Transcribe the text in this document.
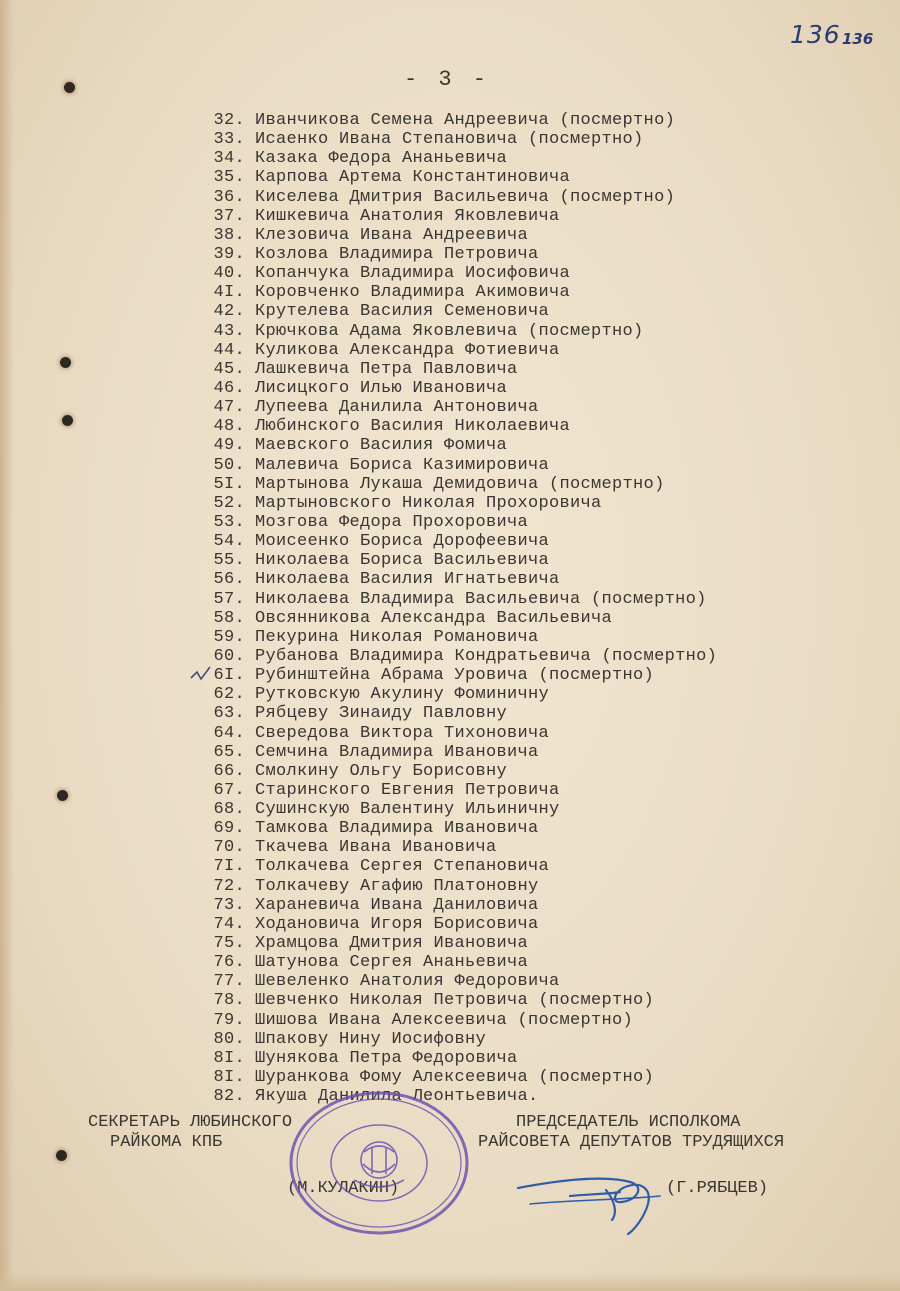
136 136
- 3 -
32. Иванчикова Семена Андреевича (посмертно)
33. Исаенко Ивана Степановича (посмертно)
34. Казака Федора Ананьевича
35. Карпова Артема Константиновича
36. Киселева Дмитрия Васильевича (посмертно)
37. Кишкевича Анатолия Яковлевича
38. Клезовича Ивана Андреевича
39. Козлова Владимира Петровича
40. Копанчука Владимира Иосифовича
4I. Коровченко Владимира Акимовича
42. Крутелева Василия Семеновича
43. Крючкова Адама Яковлевича (посмертно)
44. Куликова Александра Фотиевича
45. Лашкевича Петра Павловича
46. Лисицкого Илью Ивановича
47. Лупеева Данилила Антоновича
48. Любинского Василия Николаевича
49. Маевского Василия Фомича
50. Малевича Бориса Казимировича
5I. Мартынова Лукаша Демидовича (посмертно)
52. Мартыновского Николая Прохоровича
53. Мозгова Федора Прохоровича
54. Моисеенко Бориса Дорофеевича
55. Николаева Бориса Васильевича
56. Николаева Василия Игнатьевича
57. Николаева Владимира Васильевича (посмертно)
58. Овсянникова Александра Васильевича
59. Пекурина Николая Романовича
60. Рубанова Владимира Кондратьевича (посмертно)
6I. Рубинштейна Абрама Уровича (посмертно)
62. Рутковскую Акулину Фоминичну
63. Рябцеву Зинаиду Павловну
64. Свередова Виктора Тихоновича
65. Семчина Владимира Ивановича
66. Смолкину Ольгу Борисовну
67. Старинского Евгения Петровича
68. Сушинскую Валентину Ильиничну
69. Тамкова Владимира Ивановича
70. Ткачева Ивана Ивановича
7I. Толкачева Сергея Степановича
72. Толкачеву Агафию Платоновну
73. Хараневича Ивана Даниловича
74. Ходановича Игоря Борисовича
75. Храмцова Дмитрия Ивановича
76. Шатунова Сергея Ананьевича
77. Шевеленко Анатолия Федоровича
78. Шевченко Николая Петровича (посмертно)
79. Шишова Ивана Алексеевича (посмертно)
80. Шпакову Нину Иосифовну
8I. Шунякова Петра Федоровича
8I. Шуранкова Фому Алексеевича (посмертно)
82. Якуша Данилила Леонтьевича.
СЕКРЕТАРЬ ЛЮБИНСКОГО
РАЙКОМА КПБ
(М.КУЛАКИН)
ПРЕДСЕДАТЕЛЬ ИСПОЛКОМА
РАЙСОВЕТА ДЕПУТАТОВ ТРУДЯЩИХСЯ
(Г.РЯБЦЕВ)
